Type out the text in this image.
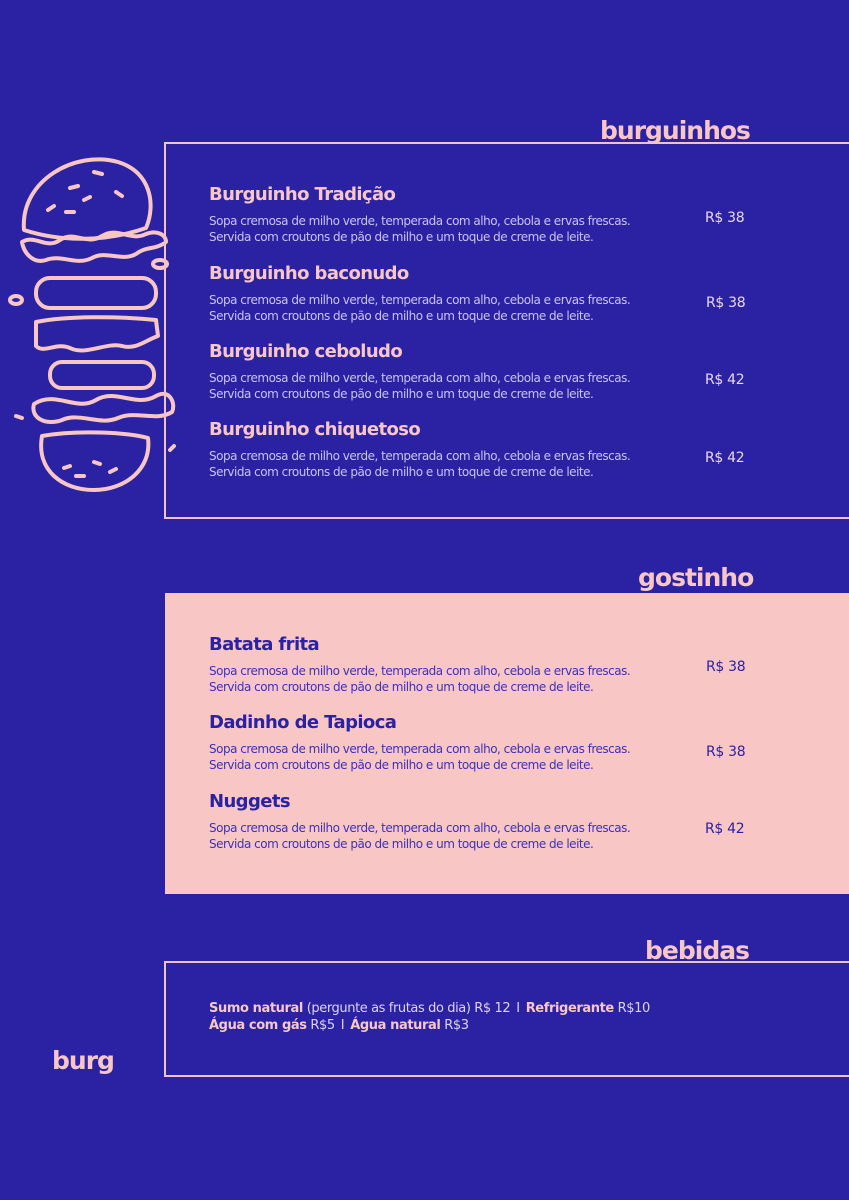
burguinhos

Burguinho Tradição

Sopa cremosa de milho verde, temperada com alho, cebola e ervas frescas.
Servida com croutons de pão de milho e um toque de creme de leite.

R$ 38

Burguinho baconudo

Sopa cremosa de milho verde, temperada com alho, cebola e ervas frescas.
Servida com croutons de pão de milho e um toque de creme de leite.

R$ 38

Burguinho ceboludo

Sopa cremosa de milho verde, temperada com alho, cebola e ervas frescas.
Servida com croutons de pão de milho e um toque de creme de leite.

R$ 42

Burguinho chiquetoso

Sopa cremosa de milho verde, temperada com alho, cebola e ervas frescas.
Servida com croutons de pão de milho e um toque de creme de leite.

R$ 42
gostinho

Batata frita

Sopa cremosa de milho verde, temperada com alho, cebola e ervas frescas.
Servida com croutons de pão de milho e um toque de creme de leite.

R$ 38

Dadinho de Tapioca

Sopa cremosa de milho verde, temperada com alho, cebola e ervas frescas.
Servida com croutons de pão de milho e um toque de creme de leite.

R$ 38

Nuggets

Sopa cremosa de milho verde, temperada com alho, cebola e ervas frescas.
Servida com croutons de pão de milho e um toque de creme de leite.

R$ 42
bebidas
Sumo natural (pergunte as frutas do dia) R$ 12 I Refrigerante R$10
Água com gás R$5 I Água natural R$3
burg
